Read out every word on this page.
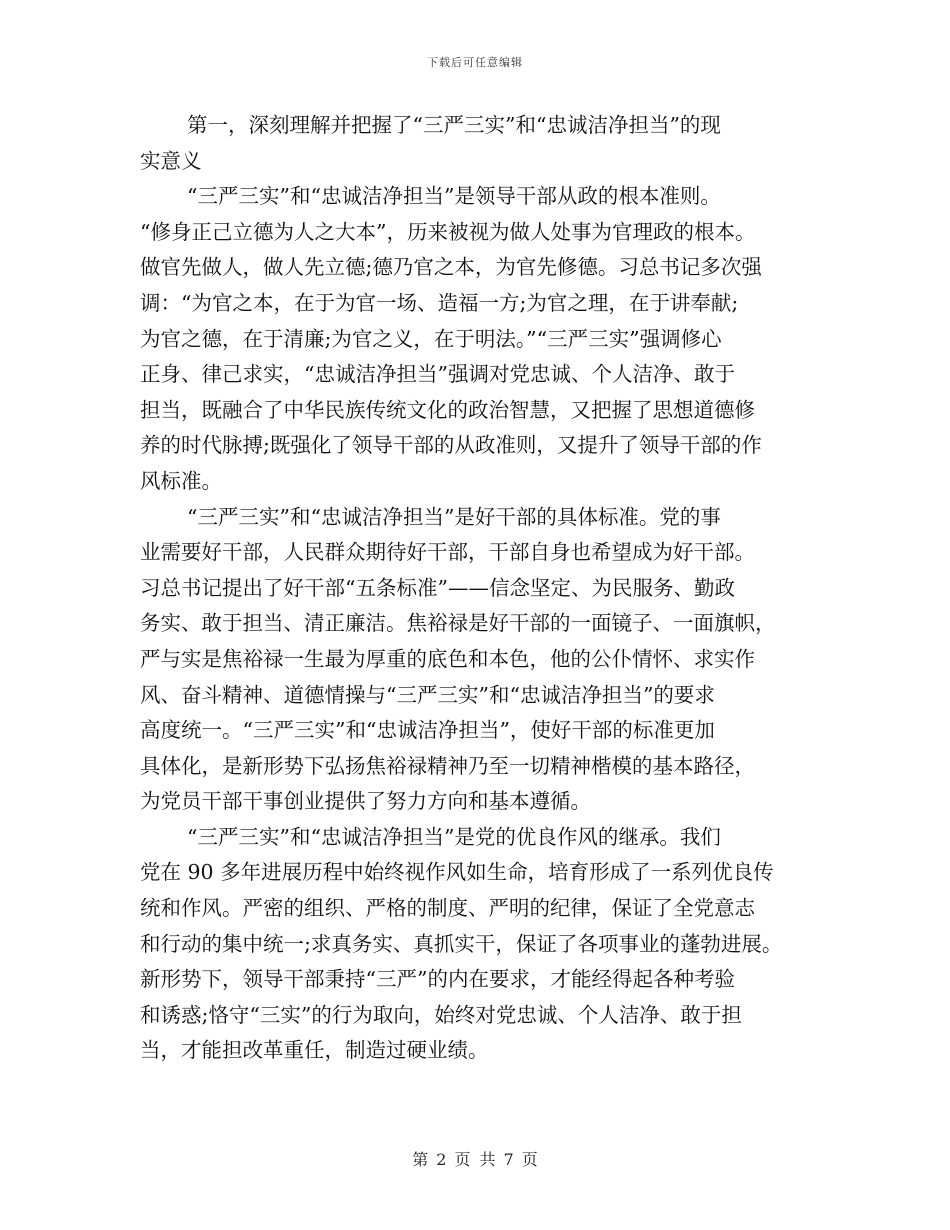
下载后可任意编辑
第一，深刻理解并把握了“三严三实”和“忠诚洁净担当”的现
实意义
“三严三实”和“忠诚洁净担当”是领导干部从政的根本准则。
“修身正己立德为人之大本”，历来被视为做人处事为官理政的根本。
做官先做人，做人先立德;德乃官之本，为官先修德。习总书记多次强
调：“为官之本，在于为官一场、造福一方;为官之理，在于讲奉献;
为官之德，在于清廉;为官之义，在于明法。”“三严三实”强调修心
正身、律己求实，“忠诚洁净担当”强调对党忠诚、个人洁净、敢于
担当，既融合了中华民族传统文化的政治智慧，又把握了思想道德修
养的时代脉搏;既强化了领导干部的从政准则，又提升了领导干部的作
风标准。
“三严三实”和“忠诚洁净担当”是好干部的具体标准。党的事
业需要好干部，人民群众期待好干部，干部自身也希望成为好干部。
习总书记提出了好干部“五条标准”——信念坚定、为民服务、勤政
务实、敢于担当、清正廉洁。焦裕禄是好干部的一面镜子、一面旗帜，
严与实是焦裕禄一生最为厚重的底色和本色，他的公仆情怀、求实作
风、奋斗精神、道德情操与“三严三实”和“忠诚洁净担当”的要求
高度统一。“三严三实”和“忠诚洁净担当”，使好干部的标准更加
具体化，是新形势下弘扬焦裕禄精神乃至一切精神楷模的基本路径，
为党员干部干事创业提供了努力方向和基本遵循。
“三严三实”和“忠诚洁净担当”是党的优良作风的继承。我们
党在 90 多年进展历程中始终视作风如生命，培育形成了一系列优良传
统和作风。严密的组织、严格的制度、严明的纪律，保证了全党意志
和行动的集中统一;求真务实、真抓实干，保证了各项事业的蓬勃进展。
新形势下，领导干部秉持“三严”的内在要求，才能经得起各种考验
和诱惑;恪守“三实”的行为取向，始终对党忠诚、个人洁净、敢于担
当，才能担改革重任，制造过硬业绩。
第 2 页 共 7 页
